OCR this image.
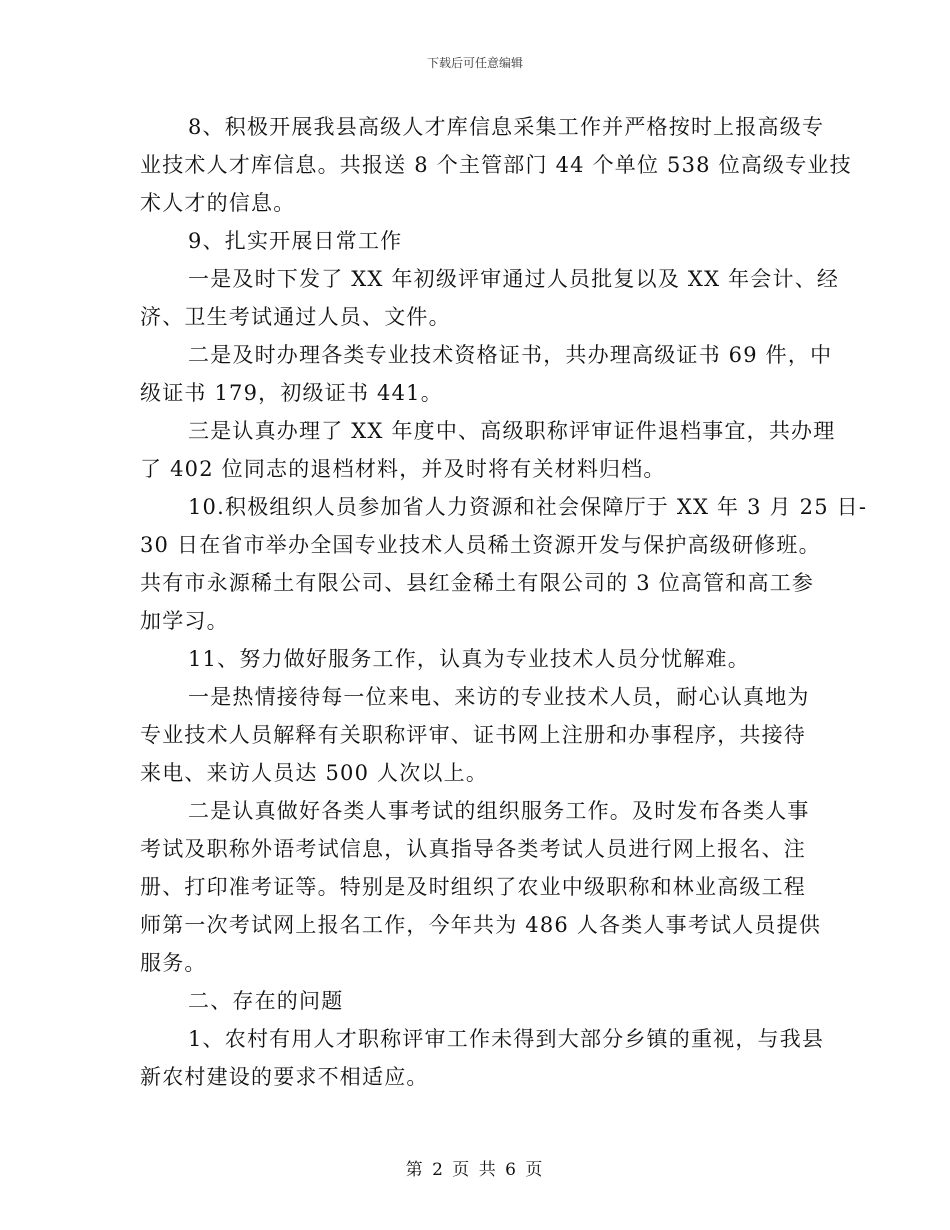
下载后可任意编辑

8、积极开展我县高级人才库信息采集工作并严格按时上报高级专
业技术人才库信息。共报送 8 个主管部门 44 个单位 538 位高级专业技
术人才的信息。

9、扎实开展日常工作

一是及时下发了 XX 年初级评审通过人员批复以及 XX 年会计、经
济、卫生考试通过人员、文件。

二是及时办理各类专业技术资格证书，共办理高级证书 69 件，中
级证书 179，初级证书 441。

三是认真办理了 XX 年度中、高级职称评审证件退档事宜，共办理
了 402 位同志的退档材料，并及时将有关材料归档。

10.积极组织人员参加省人力资源和社会保障厅于 XX 年 3 月 25 日-
30 日在省市举办全国专业技术人员稀土资源开发与保护高级研修班。
共有市永源稀土有限公司、县红金稀土有限公司的 3 位高管和高工参
加学习。

11、努力做好服务工作，认真为专业技术人员分忧解难。

一是热情接待每一位来电、来访的专业技术人员，耐心认真地为
专业技术人员解释有关职称评审、证书网上注册和办事程序，共接待
来电、来访人员达 500 人次以上。

二是认真做好各类人事考试的组织服务工作。及时发布各类人事
考试及职称外语考试信息，认真指导各类考试人员进行网上报名、注
册、打印准考证等。特别是及时组织了农业中级职称和林业高级工程
师第一次考试网上报名工作，今年共为 486 人各类人事考试人员提供
服务。

二、存在的问题

1、农村有用人才职称评审工作未得到大部分乡镇的重视，与我县
新农村建设的要求不相适应。

第 2 页 共 6 页
